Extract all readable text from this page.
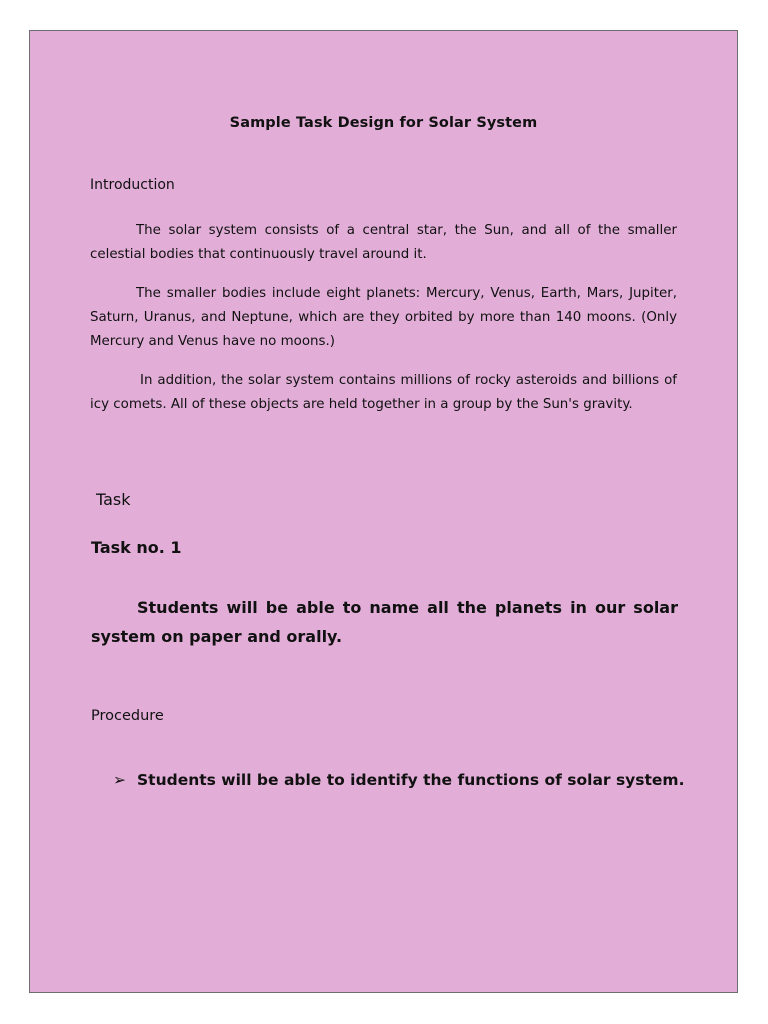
Sample Task Design for Solar System
Introduction

The solar system consists of a central star, the Sun, and all of the smaller celestial bodies that continuously travel around it.

The smaller bodies include eight planets: Mercury, Venus, Earth, Mars, Jupiter, Saturn, Uranus, and Neptune, which are they orbited by more than 140 moons. (Only Mercury and Venus have no moons.)

In addition, the solar system contains millions of rocky asteroids and billions of icy comets. All of these objects are held together in a group by the Sun's gravity.

Task
Task no. 1

Students will be able to name all the planets in our solar system on paper and orally.

Procedure
➢ Students will be able to identify the functions of solar system.
